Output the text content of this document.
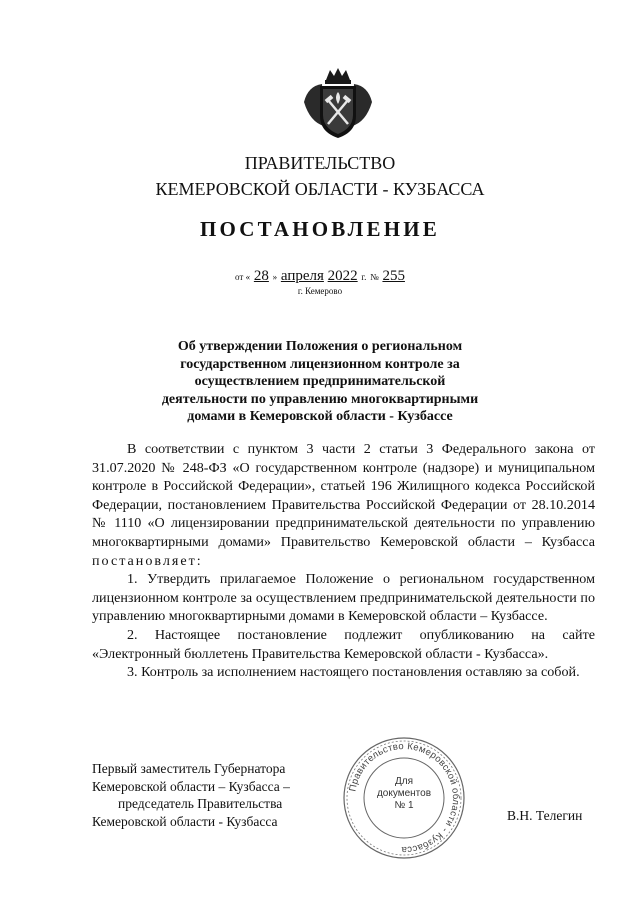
ПРАВИТЕЛЬСТВО
КЕМЕРОВСКОЙ ОБЛАСТИ - КУЗБАССА
ПОСТАНОВЛЕНИЕ
от « 28 » апреля 2022 г. № 255
г. Кемерово
Об утверждении Положения о региональном
государственном лицензионном контроле за
осуществлением предпринимательской
деятельности по управлению многоквартирными
домами в Кемеровской области - Кузбассе

В соответствии с пунктом 3 части 2 статьи 3 Федерального закона от 31.07.2020 № 248-ФЗ «О государственном контроле (надзоре) и муниципальном контроле в Российской Федерации», статьей 196 Жилищного кодекса Российской Федерации, постановлением Правительства Российской Федерации от 28.10.2014 № 1110 «О лицензировании предпринимательской деятельности по управлению многоквартирными домами» Правительство Кемеровской области – Кузбасса постановляет:

1. Утвердить прилагаемое Положение о региональном государственном лицензионном контроле за осуществлением предпринимательской деятельности по управлению многоквартирными домами в Кемеровской области – Кузбассе.

2. Настоящее постановление подлежит опубликованию на сайте «Электронный бюллетень Правительства Кемеровской области - Кузбасса».

3. Контроль за исполнением настоящего постановления оставляю за собой.

Первый заместитель Губернатора
Кемеровской области – Кузбасса –
председатель Правительства
Кемеровской области - Кузбасса
Правительство Кемеровской области - Кузбасса
Для
документов
№ 1
В.Н. Телегин
